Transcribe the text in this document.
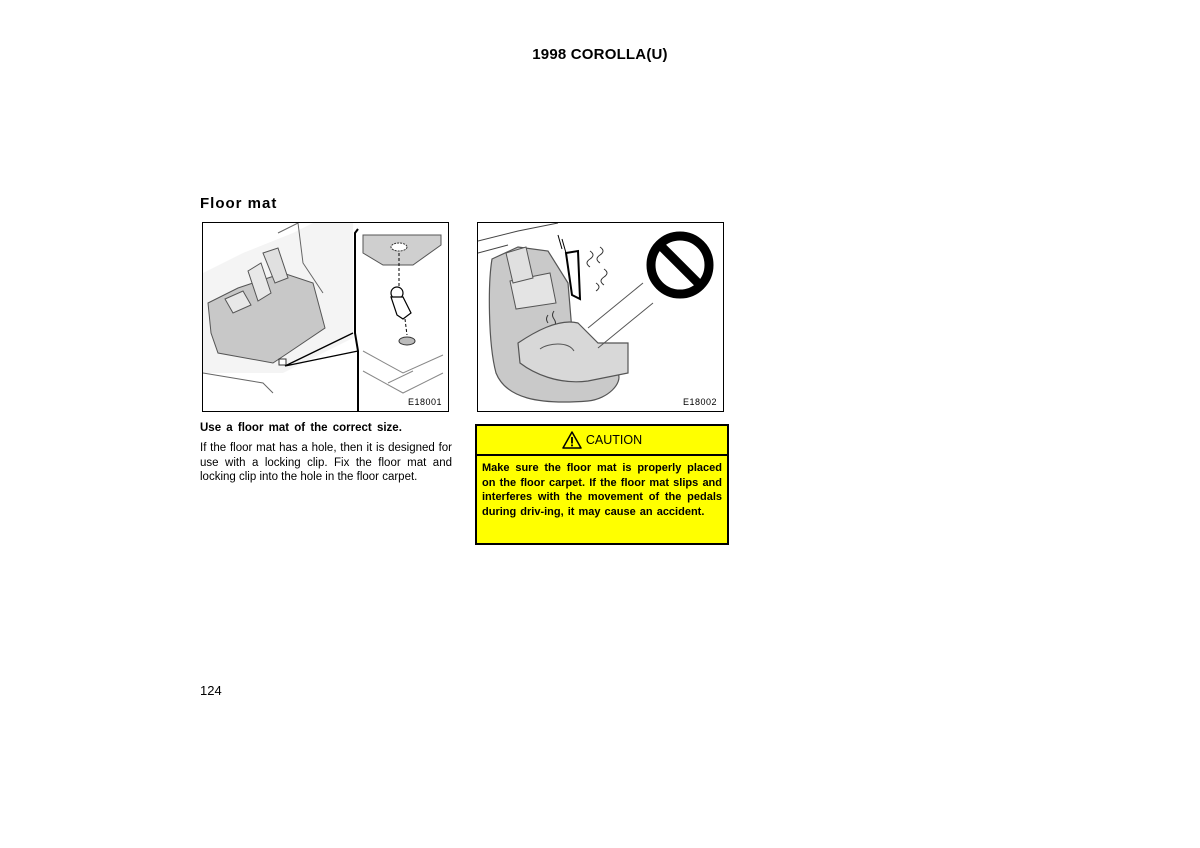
1998 COROLLA(U)
Floor mat
E18001	E18002
Use a floor mat of the correct size.
If the floor mat has a hole, then it is designed for use with a locking clip. Fix the floor mat and locking clip into the hole in the floor carpet.
CAUTION
Make sure the floor mat is properly placed on the floor carpet. If the floor mat slips and interferes with the movement of the pedals during driv-ing, it may cause an accident.
124
